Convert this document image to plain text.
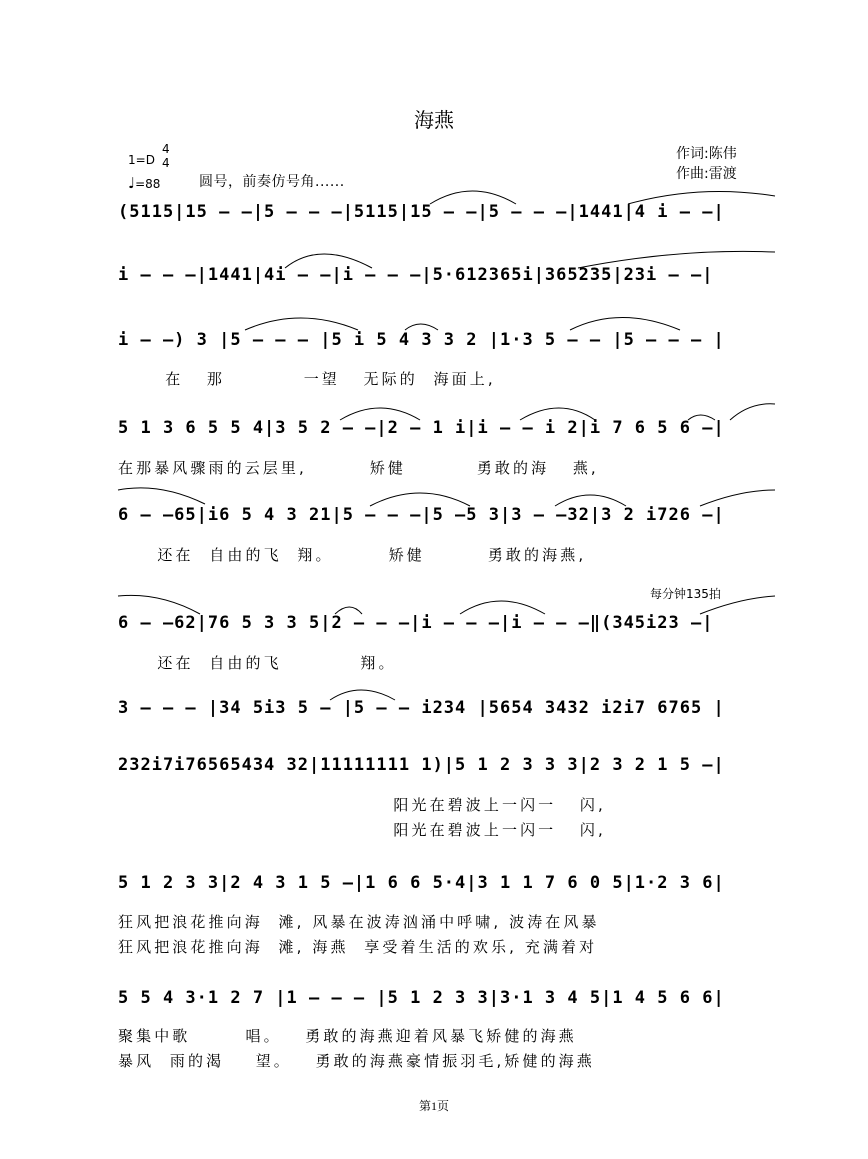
海燕
作词:陈伟
作曲:雷渡
1=D
4
4
♩=88	圆号，前奏仿号角......
(5115|15 — —|5 — — —|5115|15 — —|5 — — —|1441|4 i — —|
i — — —|1441|4i — —|i — — —|5·612365i|365235|23i — —|
i — —) 3 |5 — — — |5 i 5 4 3 3 2 |1·3 5 — — |5 — — — |
在   那          一望   无际的  海面上,
5 1 3 6 5 5 4|3 5 2 — —|2 — 1 i|i — — i 2|i 7 6 5 6 —|
在那暴风骤雨的云层里,        矫健         勇敢的海   燕,
6 — —65|i6 5 4 3 21|5 — — —|5 —5 3|3 — —32|3 2 i726 —|
还在  自由的飞  翔。       矫健        勇敢的海燕,
每分钟135拍
6 — —62|76 5 3 3 5|2 — — —|i — — —|i — — —‖(345i23 —|
还在  自由的飞          翔。
3 — — — |34 5i3 5 — |5 — — i234 |5654 3432 i2i7 6765 |
232i7i76565434 32|11111111 1)|5 1 2 3 3 3|2 3 2 1 5 —|
阳光在碧波上一闪一   闪,
阳光在碧波上一闪一   闪,
5 1 2 3 3|2 4 3 1 5 —|1 6 6 5·4|3 1 1 7 6 0 5|1·2 3 6|
狂风把浪花推向海  滩, 风暴在波涛汹涌中呼啸, 波涛在风暴
狂风把浪花推向海  滩, 海燕  享受着生活的欢乐, 充满着对
5 5 4 3·1 2 7 |1 — — — |5 1 2 3 3|3·1 3 4 5|1 4 5 6 6|
聚集中歌       唱。   勇敢的海燕迎着风暴飞矫健的海燕
暴风  雨的渴    望。   勇敢的海燕豪情振羽毛,矫健的海燕
第1页
